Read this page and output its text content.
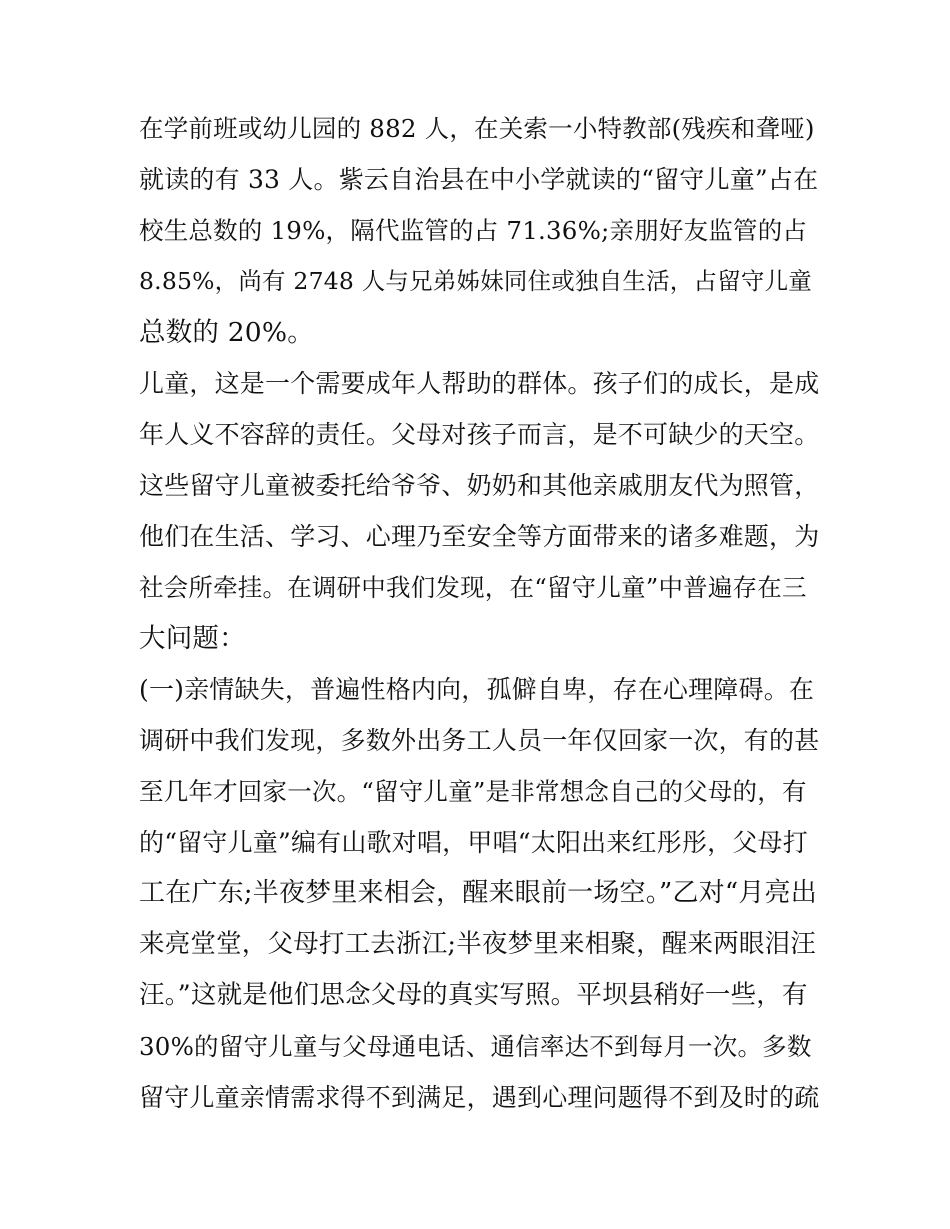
在学前班或幼儿园的 882 人，在关索一小特教部(残疾和聋哑)
就读的有 33 人。紫云自治县在中小学就读的“留守儿童”占在
校生总数的 19%，隔代监管的占 71.36%;亲朋好友监管的占
8.85%，尚有 2748 人与兄弟姊妹同住或独自生活，占留守儿童
总数的 20%。
儿童，这是一个需要成年人帮助的群体。孩子们的成长，是成
年人义不容辞的责任。父母对孩子而言，是不可缺少的天空。
这些留守儿童被委托给爷爷、奶奶和其他亲戚朋友代为照管，
他们在生活、学习、心理乃至安全等方面带来的诸多难题，为
社会所牵挂。在调研中我们发现，在“留守儿童”中普遍存在三
大问题：
(一)亲情缺失，普遍性格内向，孤僻自卑，存在心理障碍。在
调研中我们发现，多数外出务工人员一年仅回家一次，有的甚
至几年才回家一次。“留守儿童”是非常想念自己的父母的，有
的“留守儿童”编有山歌对唱，甲唱“太阳出来红彤彤，父母打
工在广东;半夜梦里来相会，醒来眼前一场空。”乙对“月亮出
来亮堂堂，父母打工去浙江;半夜梦里来相聚，醒来两眼泪汪
汪。”这就是他们思念父母的真实写照。平坝县稍好一些，有
30%的留守儿童与父母通电话、通信率达不到每月一次。多数
留守儿童亲情需求得不到满足，遇到心理问题得不到及时的疏
